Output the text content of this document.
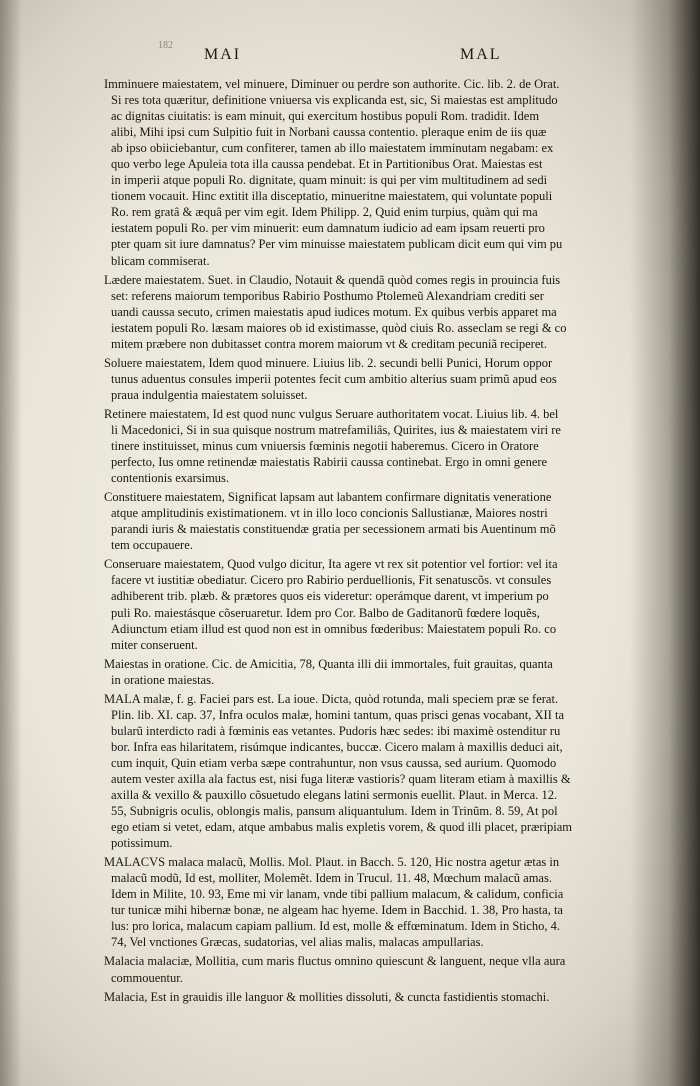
182
MAI	MAL
Imminuere maiestatem, vel minuere, Diminuer ou perdre son authorite. Cic. lib. 2. de Orat.
Si res tota quæritur, definitione vniuersa vis explicanda est, sic, Si maiestas est amplitudo
ac dignitas ciuitatis: is eam minuit, qui exercitum hostibus populi Rom. tradidit. Idem
alibi, Mihi ipsi cum Sulpitio fuit in Norbani caussa contentio. pleraque enim de iis quæ
ab ipso obiiciebantur, cum confiterer, tamen ab illo maiestatem imminutam negabam: ex
quo verbo lege Apuleia tota illa caussa pendebat. Et in Partitionibus Orat. Maiestas est
in imperii atque populi Ro. dignitate, quam minuit: is qui per vim multitudinem ad sedi
tionem vocauit. Hinc extitit illa disceptatio, minueritne maiestatem, qui voluntate populi
Ro. rem gratâ & æquâ per vim egit. Idem Philipp. 2, Quid enim turpius, quàm qui ma
iestatem populi Ro. per vim minuerit: eum damnatum iudicio ad eam ipsam reuerti pro
pter quam sit iure damnatus? Per vim minuisse maiestatem publicam dicit eum qui vim pu
blicam commiserat.
Lædere maiestatem. Suet. in Claudio, Notauit & quendã quòd comes regis in prouincia fuis
set: referens maiorum temporibus Rabirio Posthumo Ptolemeũ Alexandriam crediti ser
uandi caussa secuto, crimen maiestatis apud iudices motum. Ex quibus verbis apparet ma
iestatem populi Ro. læsam maiores ob id existimasse, quòd ciuis Ro. asseclam se regi & co
mitem præbere non dubitasset contra morem maiorum vt & creditam pecuniã reciperet.
Soluere maiestatem, Idem quod minuere. Liuius lib. 2. secundi belli Punici, Horum oppor
tunus aduentus consules imperii potentes fecit cum ambitio alterius suam primũ apud eos
praua indulgentia maiestatem soluisset.
Retinere maiestatem, Id est quod nunc vulgus Seruare authoritatem vocat. Liuius lib. 4. bel
li Macedonici, Si in sua quisque nostrum matrefamiliâs, Quirites, ius & maiestatem viri re
tinere instituisset, minus cum vniuersis fœminis negotii haberemus. Cicero in Oratore
perfecto, Ius omne retinendæ maiestatis Rabirii caussa continebat. Ergo in omni genere
contentionis exarsimus.
Constituere maiestatem, Significat lapsam aut labantem confirmare dignitatis veneratione
atque amplitudinis existimationem. vt in illo loco concionis Sallustianæ, Maiores nostri
parandi iuris & maiestatis constituendæ gratia per secessionem armati bis Auentinum mõ
tem occupauere.
Conseruare maiestatem, Quod vulgo dicitur, Ita agere vt rex sit potentior vel fortior: vel ita
facere vt iustitiæ obediatur. Cicero pro Rabirio perduellionis, Fit senatuscõs. vt consules
adhiberent trib. plæb. & prætores quos eis videretur: operámque darent, vt imperium po
puli Ro. maiestásque cõseruaretur. Idem pro Cor. Balbo de Gaditanorũ fœdere loquẽs,
Adiunctum etiam illud est quod non est in omnibus fœderibus: Maiestatem populi Ro. co
miter conseruent.
Maiestas in oratione. Cic. de Amicitia, 78, Quanta illi dii immortales, fuit grauitas, quanta
in oratione maiestas.
MALA malæ, f. g. Faciei pars est. La ioue. Dicta, quòd rotunda, mali speciem præ se ferat.
Plin. lib. XI. cap. 37, Infra oculos malæ, homini tantum, quas prisci genas vocabant, XII ta
bularũ interdicto radi à fœminis eas vetantes. Pudoris hæc sedes: ibi maximè ostenditur ru
bor. Infra eas hilaritatem, risúmque indicantes, buccæ. Cicero malam à maxillis deduci ait,
cum inquit, Quin etiam verba sæpe contrahuntur, non vsus caussa, sed aurium. Quomodo
autem vester axilla ala factus est, nisi fuga literæ vastioris? quam literam etiam à maxillis &
axilla & vexillo & pauxillo cõsuetudo elegans latini sermonis euellit. Plaut. in Merca. 12.
55, Subnigris oculis, oblongis malis, pansum aliquantulum. Idem in Trinũm. 8. 59, At pol
ego etiam si vetet, edam, atque ambabus malis expletis vorem, & quod illi placet, præripiam
potissimum.
MALACVS malaca malacũ, Mollis. Mol. Plaut. in Bacch. 5. 120, Hic nostra agetur ætas in
malacũ modũ, Id est, molliter, Molemẽt. Idem in Trucul. 11. 48, Mœchum malacũ amas.
Idem in Milite, 10. 93, Eme mi vir lanam, vnde tibi pallium malacum, & calidum, conficia
tur tunicæ mihi hibernæ bonæ, ne algeam hac hyeme. Idem in Bacchid. 1. 38, Pro hasta, ta
lus: pro lorica, malacum capiam pallium. Id est, molle & effœminatum. Idem in Sticho, 4.
74, Vel vnctiones Græcas, sudatorias, vel alias malis, malacas ampullarias.
Malacia malaciæ, Mollitia, cum maris fluctus omnino quiescunt & languent, neque vlla aura
commouentur.
Malacia, Est in grauidis ille languor & mollities dissoluti, & cuncta fastidientis stomachi.
